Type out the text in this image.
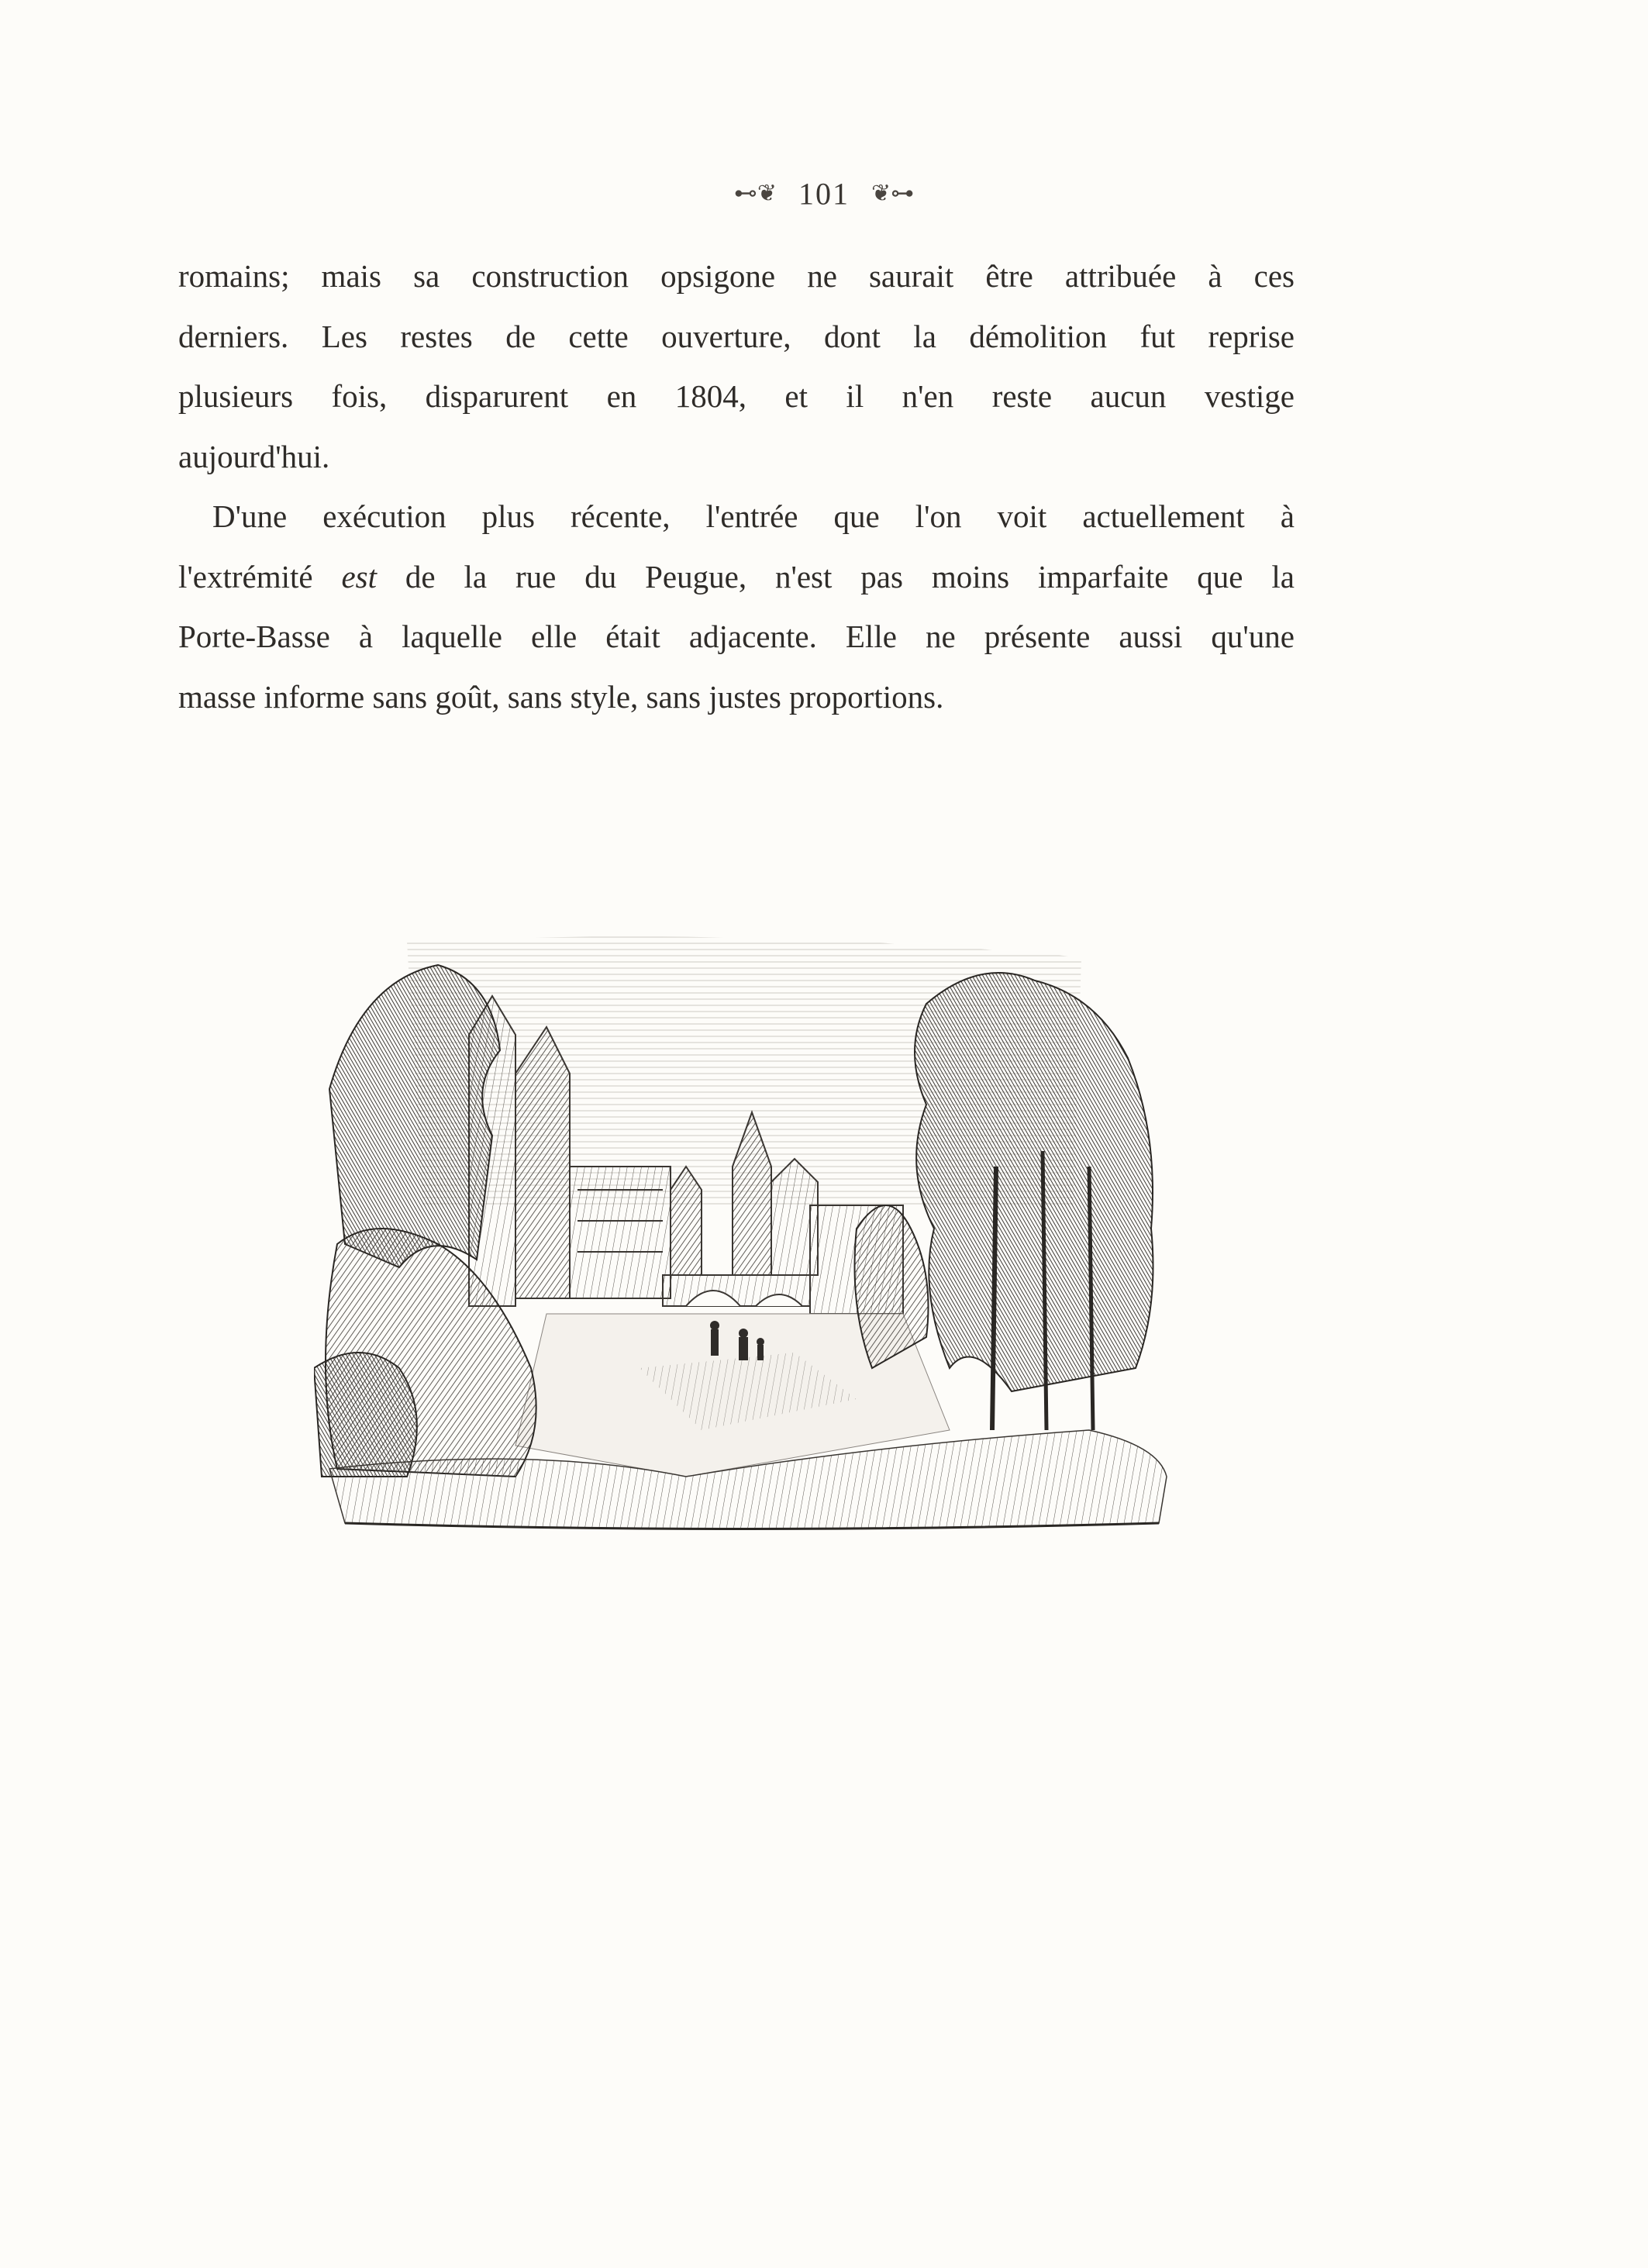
⊷❦ 101 ❦⊶
romains; mais sa construction opsigone ne saurait être attribuée à ces
derniers. Les restes de cette ouverture, dont la démolition fut reprise
plusieurs fois, disparurent en 1804, et il n'en reste aucun vestige
aujourd'hui.
D'une exécution plus récente, l'entrée que l'on voit actuellement à
l'extrémité est de la rue du Peugue, n'est pas moins imparfaite que la
Porte-Basse à laquelle elle était adjacente. Elle ne présente aussi qu'une
masse informe sans goût, sans style, sans justes proportions.
